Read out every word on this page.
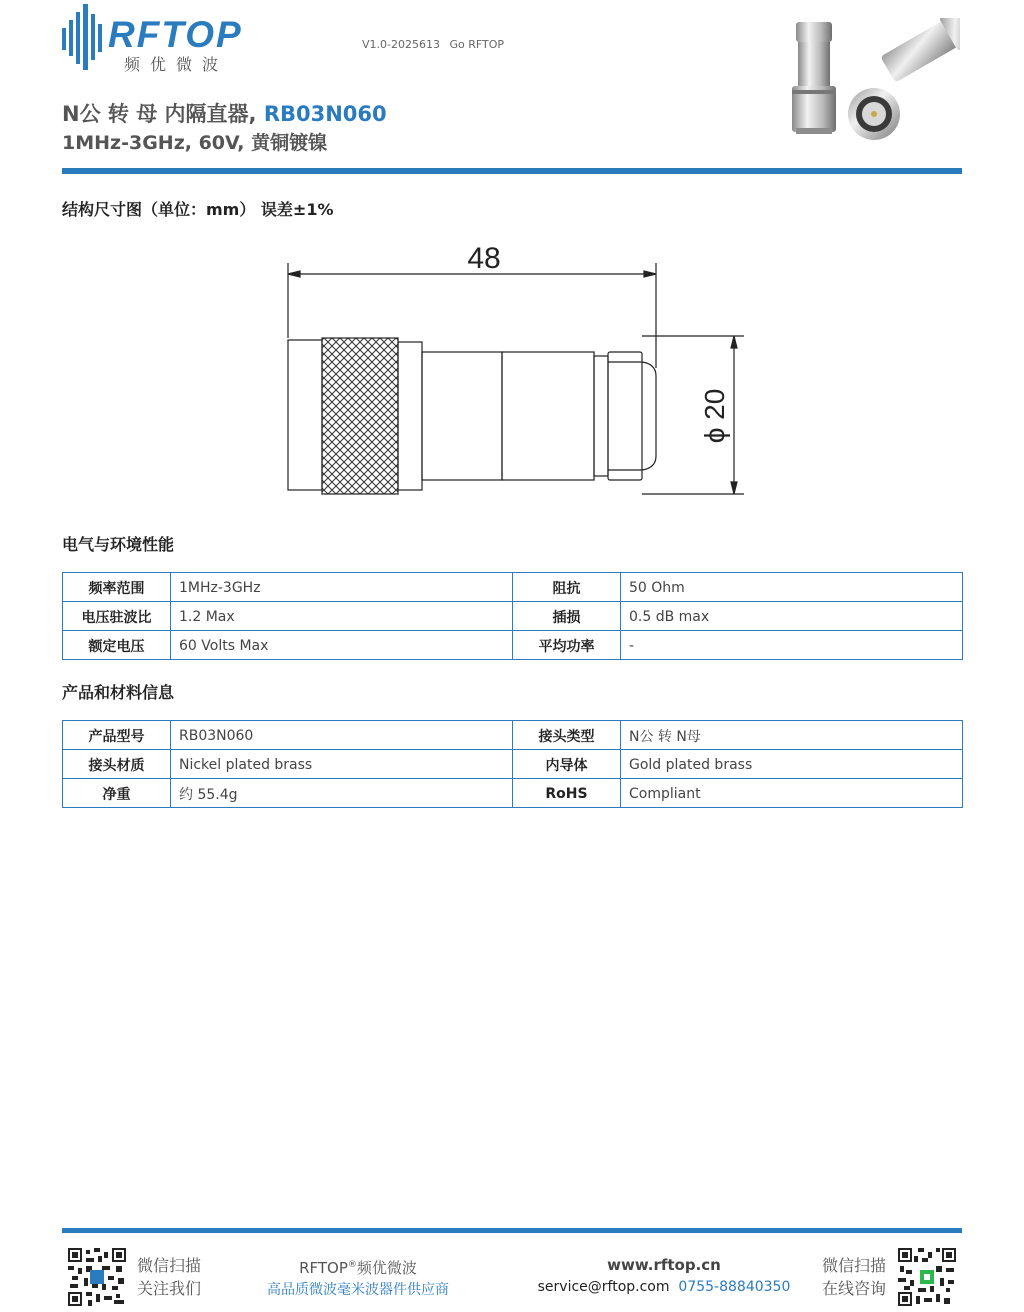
RFTOP
频优微波
V1.0-2025613 Go RFTOP
N公 转 母 内隔直器, RB03N060
1MHz-3GHz, 60V, 黄铜镀镍
结构尺寸图（单位：mm） 误差±1%
48
ϕ 20
电气与环境性能
频率范围	1MHz-3GHz	阻抗	50 Ohm
电压驻波比	1.2 Max	插损	0.5 dB max
额定电压	60 Volts Max	平均功率	-
产品和材料信息
产品型号	RB03N060	接头类型	N公 转 N母
接头材质	Nickel plated brass	内导体	Gold plated brass
净重	约 55.4g	RoHS	Compliant
微信扫描
关注我们
RFTOP®频优微波
高品质微波毫米波器件供应商
www.rftop.cn
service@rftop.com 0755-88840350
微信扫描
在线咨询
